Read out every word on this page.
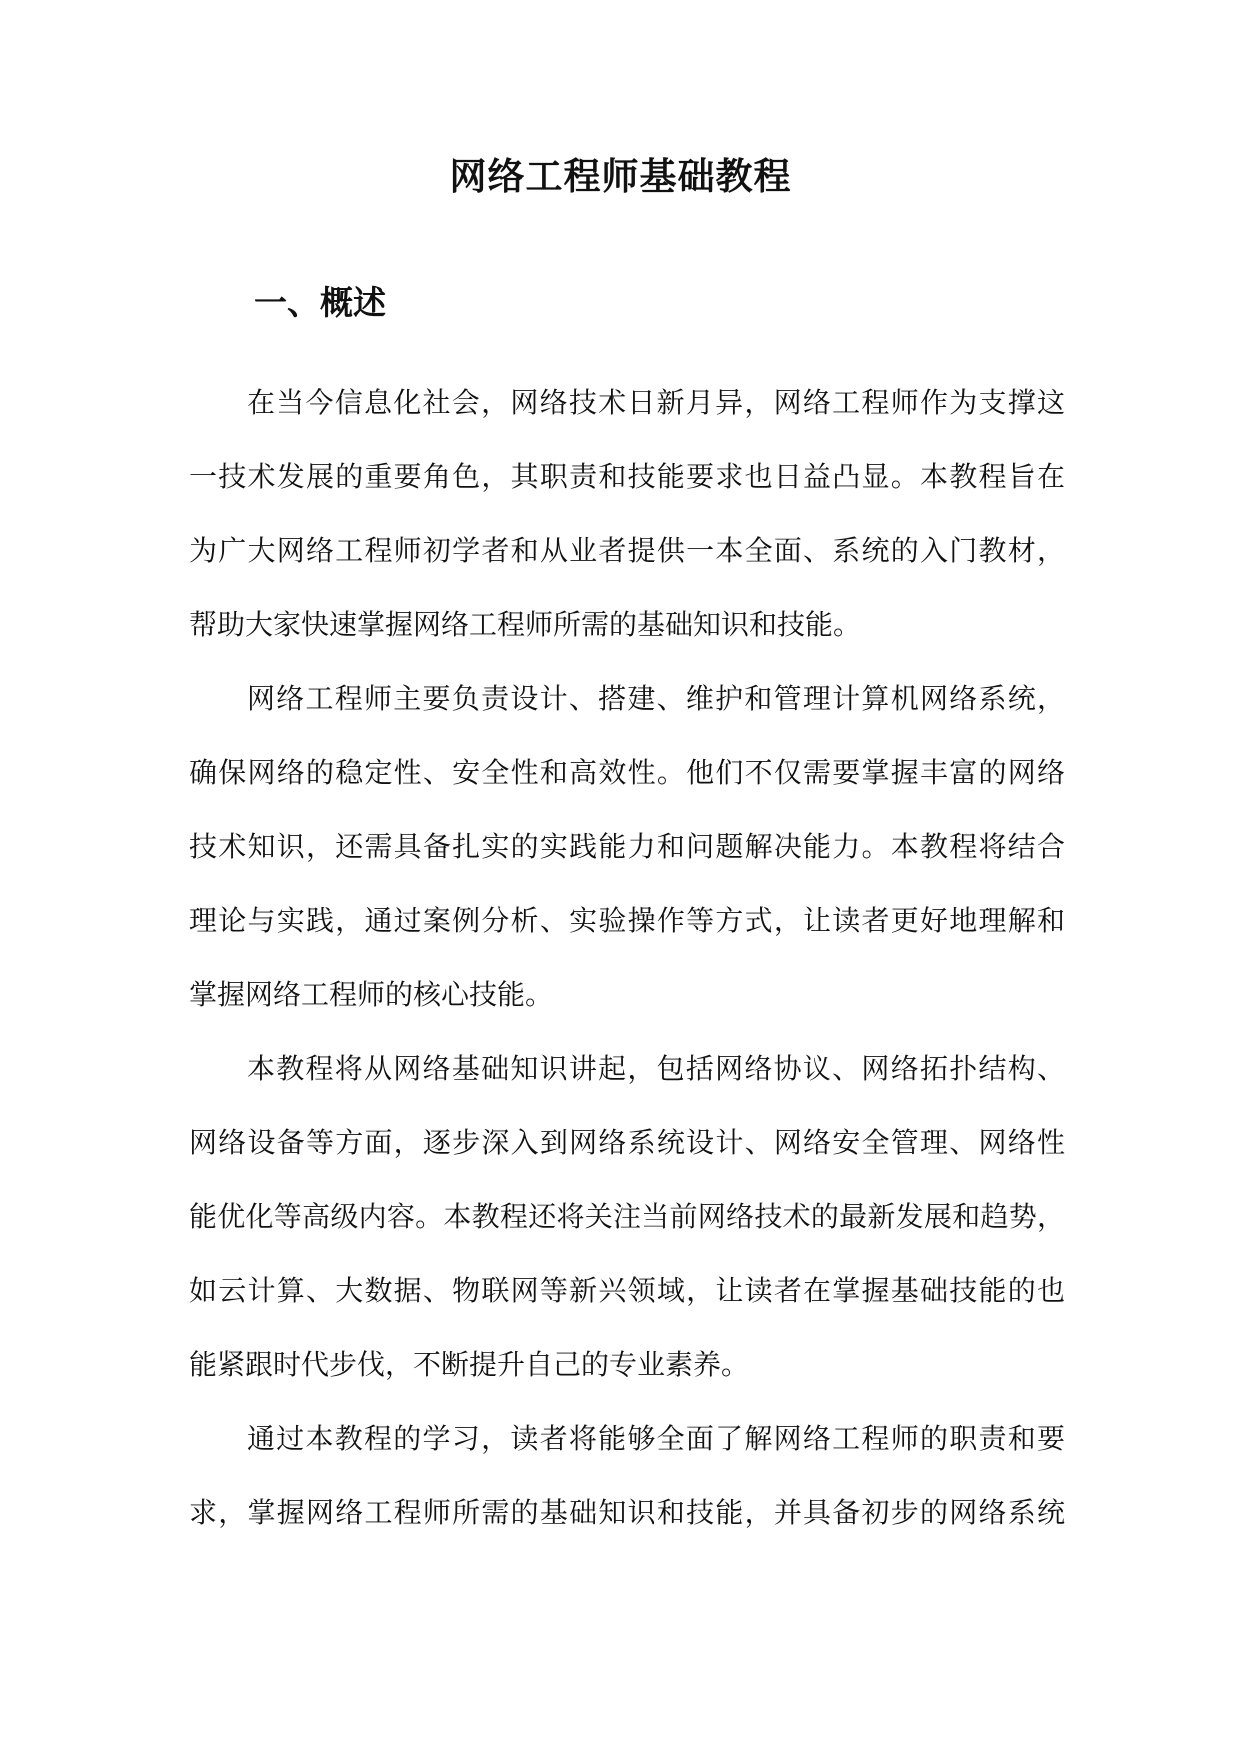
网络工程师基础教程
一、概述
在当今信息化社会，网络技术日新月异，网络工程师作为支撑这
一技术发展的重要角色，其职责和技能要求也日益凸显。本教程旨在
为广大网络工程师初学者和从业者提供一本全面、系统的入门教材，
帮助大家快速掌握网络工程师所需的基础知识和技能。
网络工程师主要负责设计、搭建、维护和管理计算机网络系统，
确保网络的稳定性、安全性和高效性。他们不仅需要掌握丰富的网络
技术知识，还需具备扎实的实践能力和问题解决能力。本教程将结合
理论与实践，通过案例分析、实验操作等方式，让读者更好地理解和
掌握网络工程师的核心技能。
本教程将从网络基础知识讲起，包括网络协议、网络拓扑结构、
网络设备等方面，逐步深入到网络系统设计、网络安全管理、网络性
能优化等高级内容。本教程还将关注当前网络技术的最新发展和趋势，
如云计算、大数据、物联网等新兴领域，让读者在掌握基础技能的也
能紧跟时代步伐，不断提升自己的专业素养。
通过本教程的学习，读者将能够全面了解网络工程师的职责和要
求，掌握网络工程师所需的基础知识和技能，并具备初步的网络系统
